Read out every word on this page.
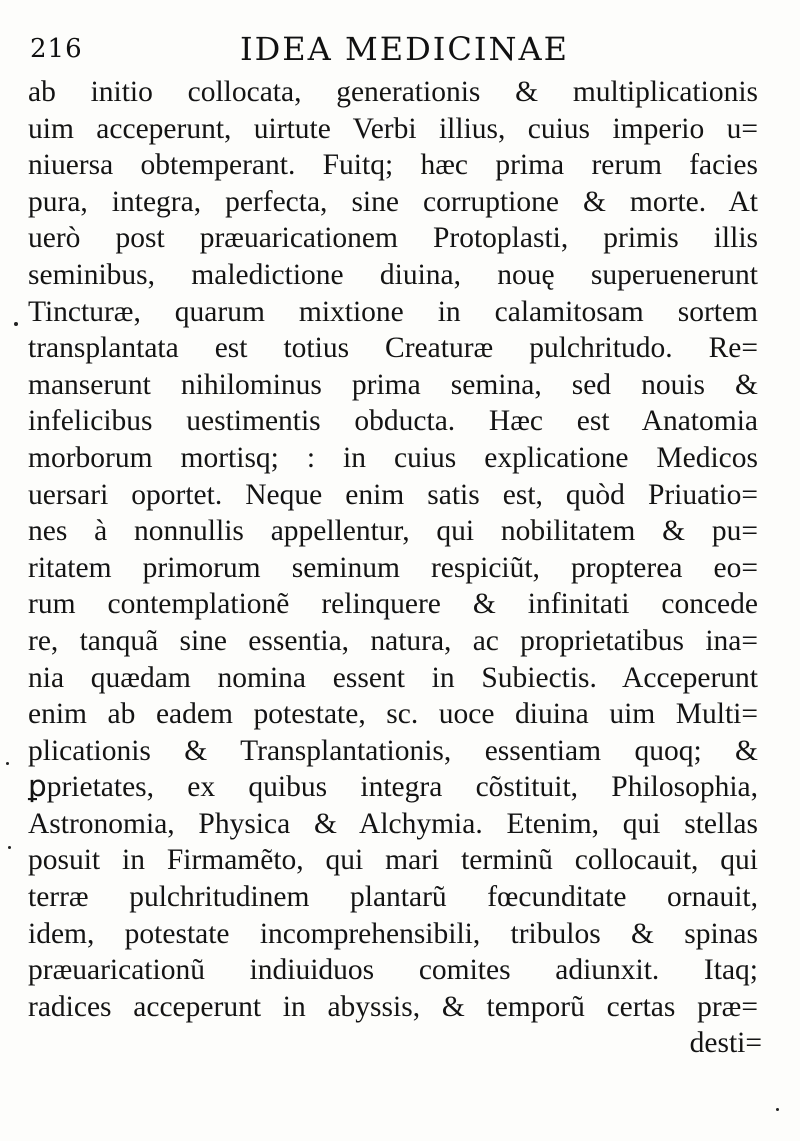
216	IDEA MEDICINAE
ab initio collocata, generationis & multiplicationis
uim acceperunt, uirtute Verbi illius, cuius imperio u=
niuersa obtemperant. Fuitq; hæc prima rerum facies
pura, integra, perfecta, sine corruptione & morte. At
uerò post præuaricationem Protoplasti, primis illis
seminibus, maledictione diuina, nouę superuenerunt
Tincturæ, quarum mixtione in calamitosam sortem
transplantata est totius Creaturæ pulchritudo. Re=
manserunt nihilominus prima semina, sed nouis &
infelicibus uestimentis obducta. Hæc est Anatomia
morborum mortisq; : in cuius explicatione Medicos
uersari oportet. Neque enim satis est, quòd Priuatio=
nes à nonnullis appellentur, qui nobilitatem & pu=
ritatem primorum seminum respiciũt, propterea eo=
rum contemplationẽ relinquere & infinitati concede
re, tanquã sine essentia, natura, ac proprietatibus ina=
nia quædam nomina essent in Subiectis. Acceperunt
enim ab eadem potestate, sc. uoce diuina uim Multi=
plicationis & Transplantationis, essentiam quoq; &
ꝑprietates, ex quibus integra cõstituit, Philosophia,
Astronomia, Physica & Alchymia. Etenim, qui stellas
posuit in Firmamẽto, qui mari terminũ collocauit, qui
terræ pulchritudinem plantarũ fœcunditate ornauit,
idem, potestate incomprehensibili, tribulos & spinas
præuaricationũ indiuiduos comites adiunxit. Itaq;
radices acceperunt in abyssis, & temporũ certas præ=
desti=
